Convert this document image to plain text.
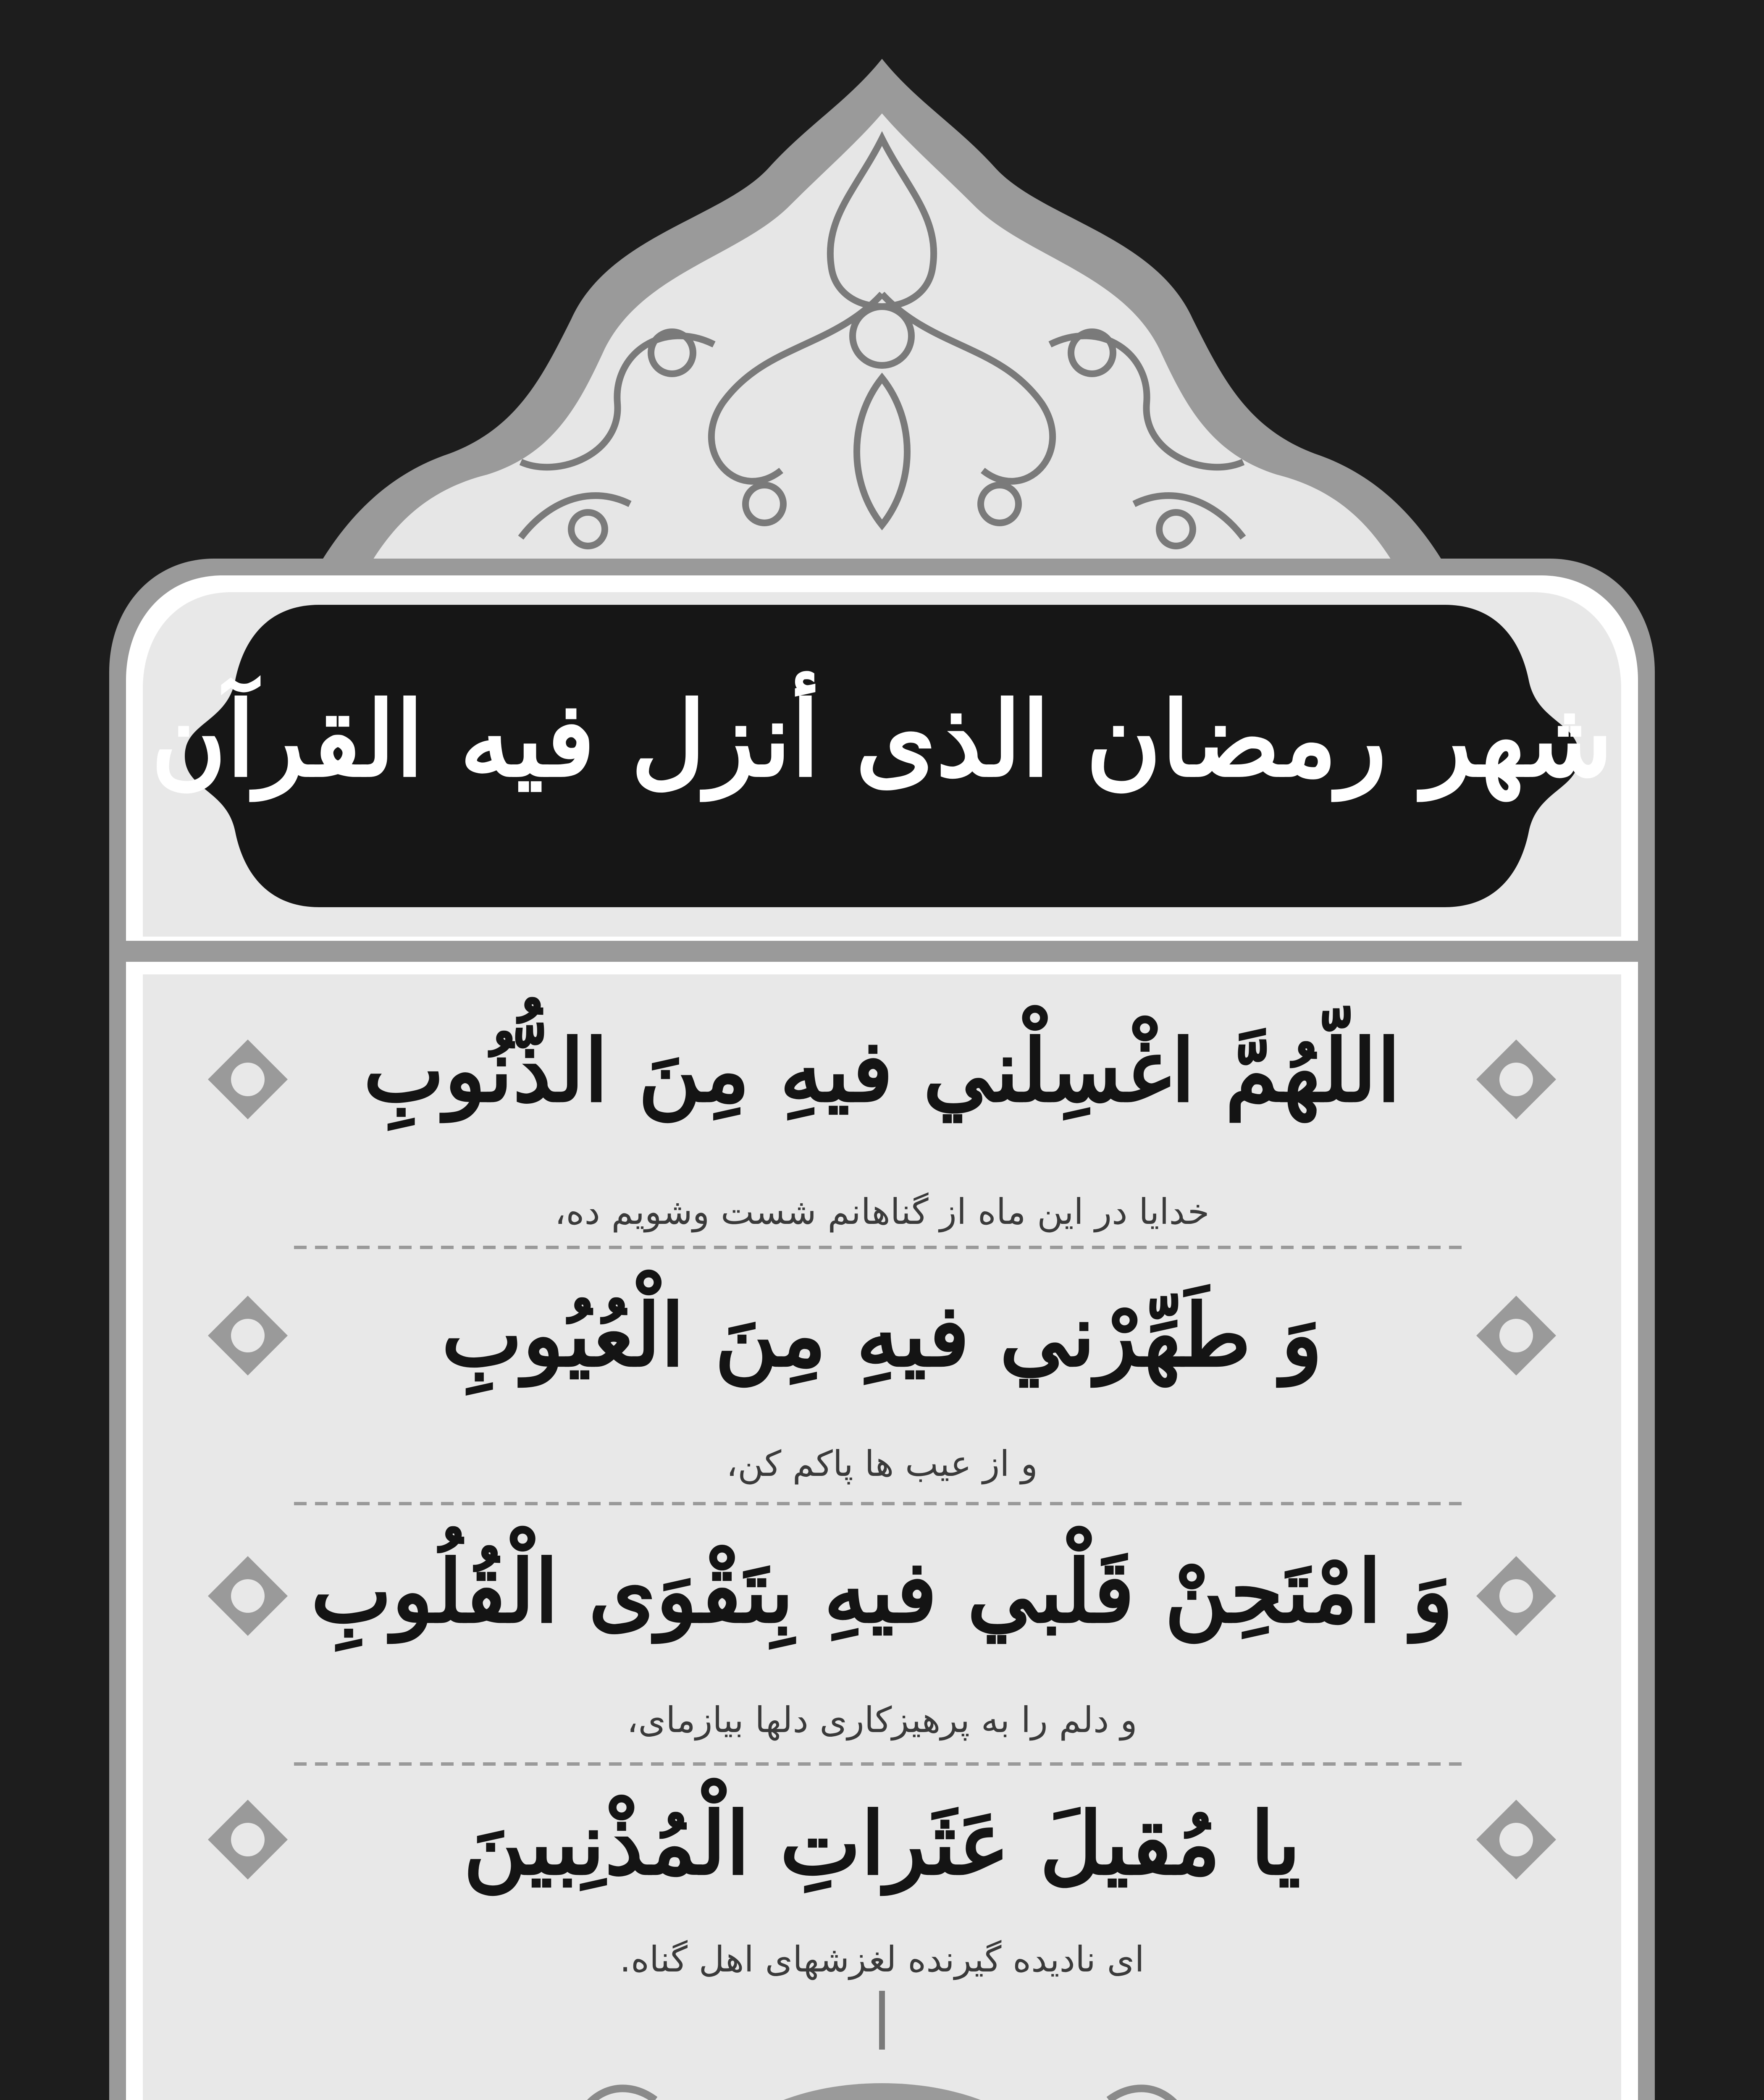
شهر رمضان الذی أنزل فیه القرآن
اللّهُمَّ اغْسِلْني فيهِ مِنَ الذُّنُوبِ
خدایا در این ماه از گناهانم شست وشویم ده،
وَ طَهِّرْني فيهِ مِنَ الْعُيُوبِ
و از عیب ها پاکم کن،
وَ امْتَحِنْ قَلْبي فيهِ بِتَقْوَى الْقُلُوبِ
و دلم را به پرهیزکاری دلها بیازمای،
يا مُقيلَ عَثَراتِ الْمُذْنِبينَ
ای نادیده گیرنده لغزشهای اهل گناه.
